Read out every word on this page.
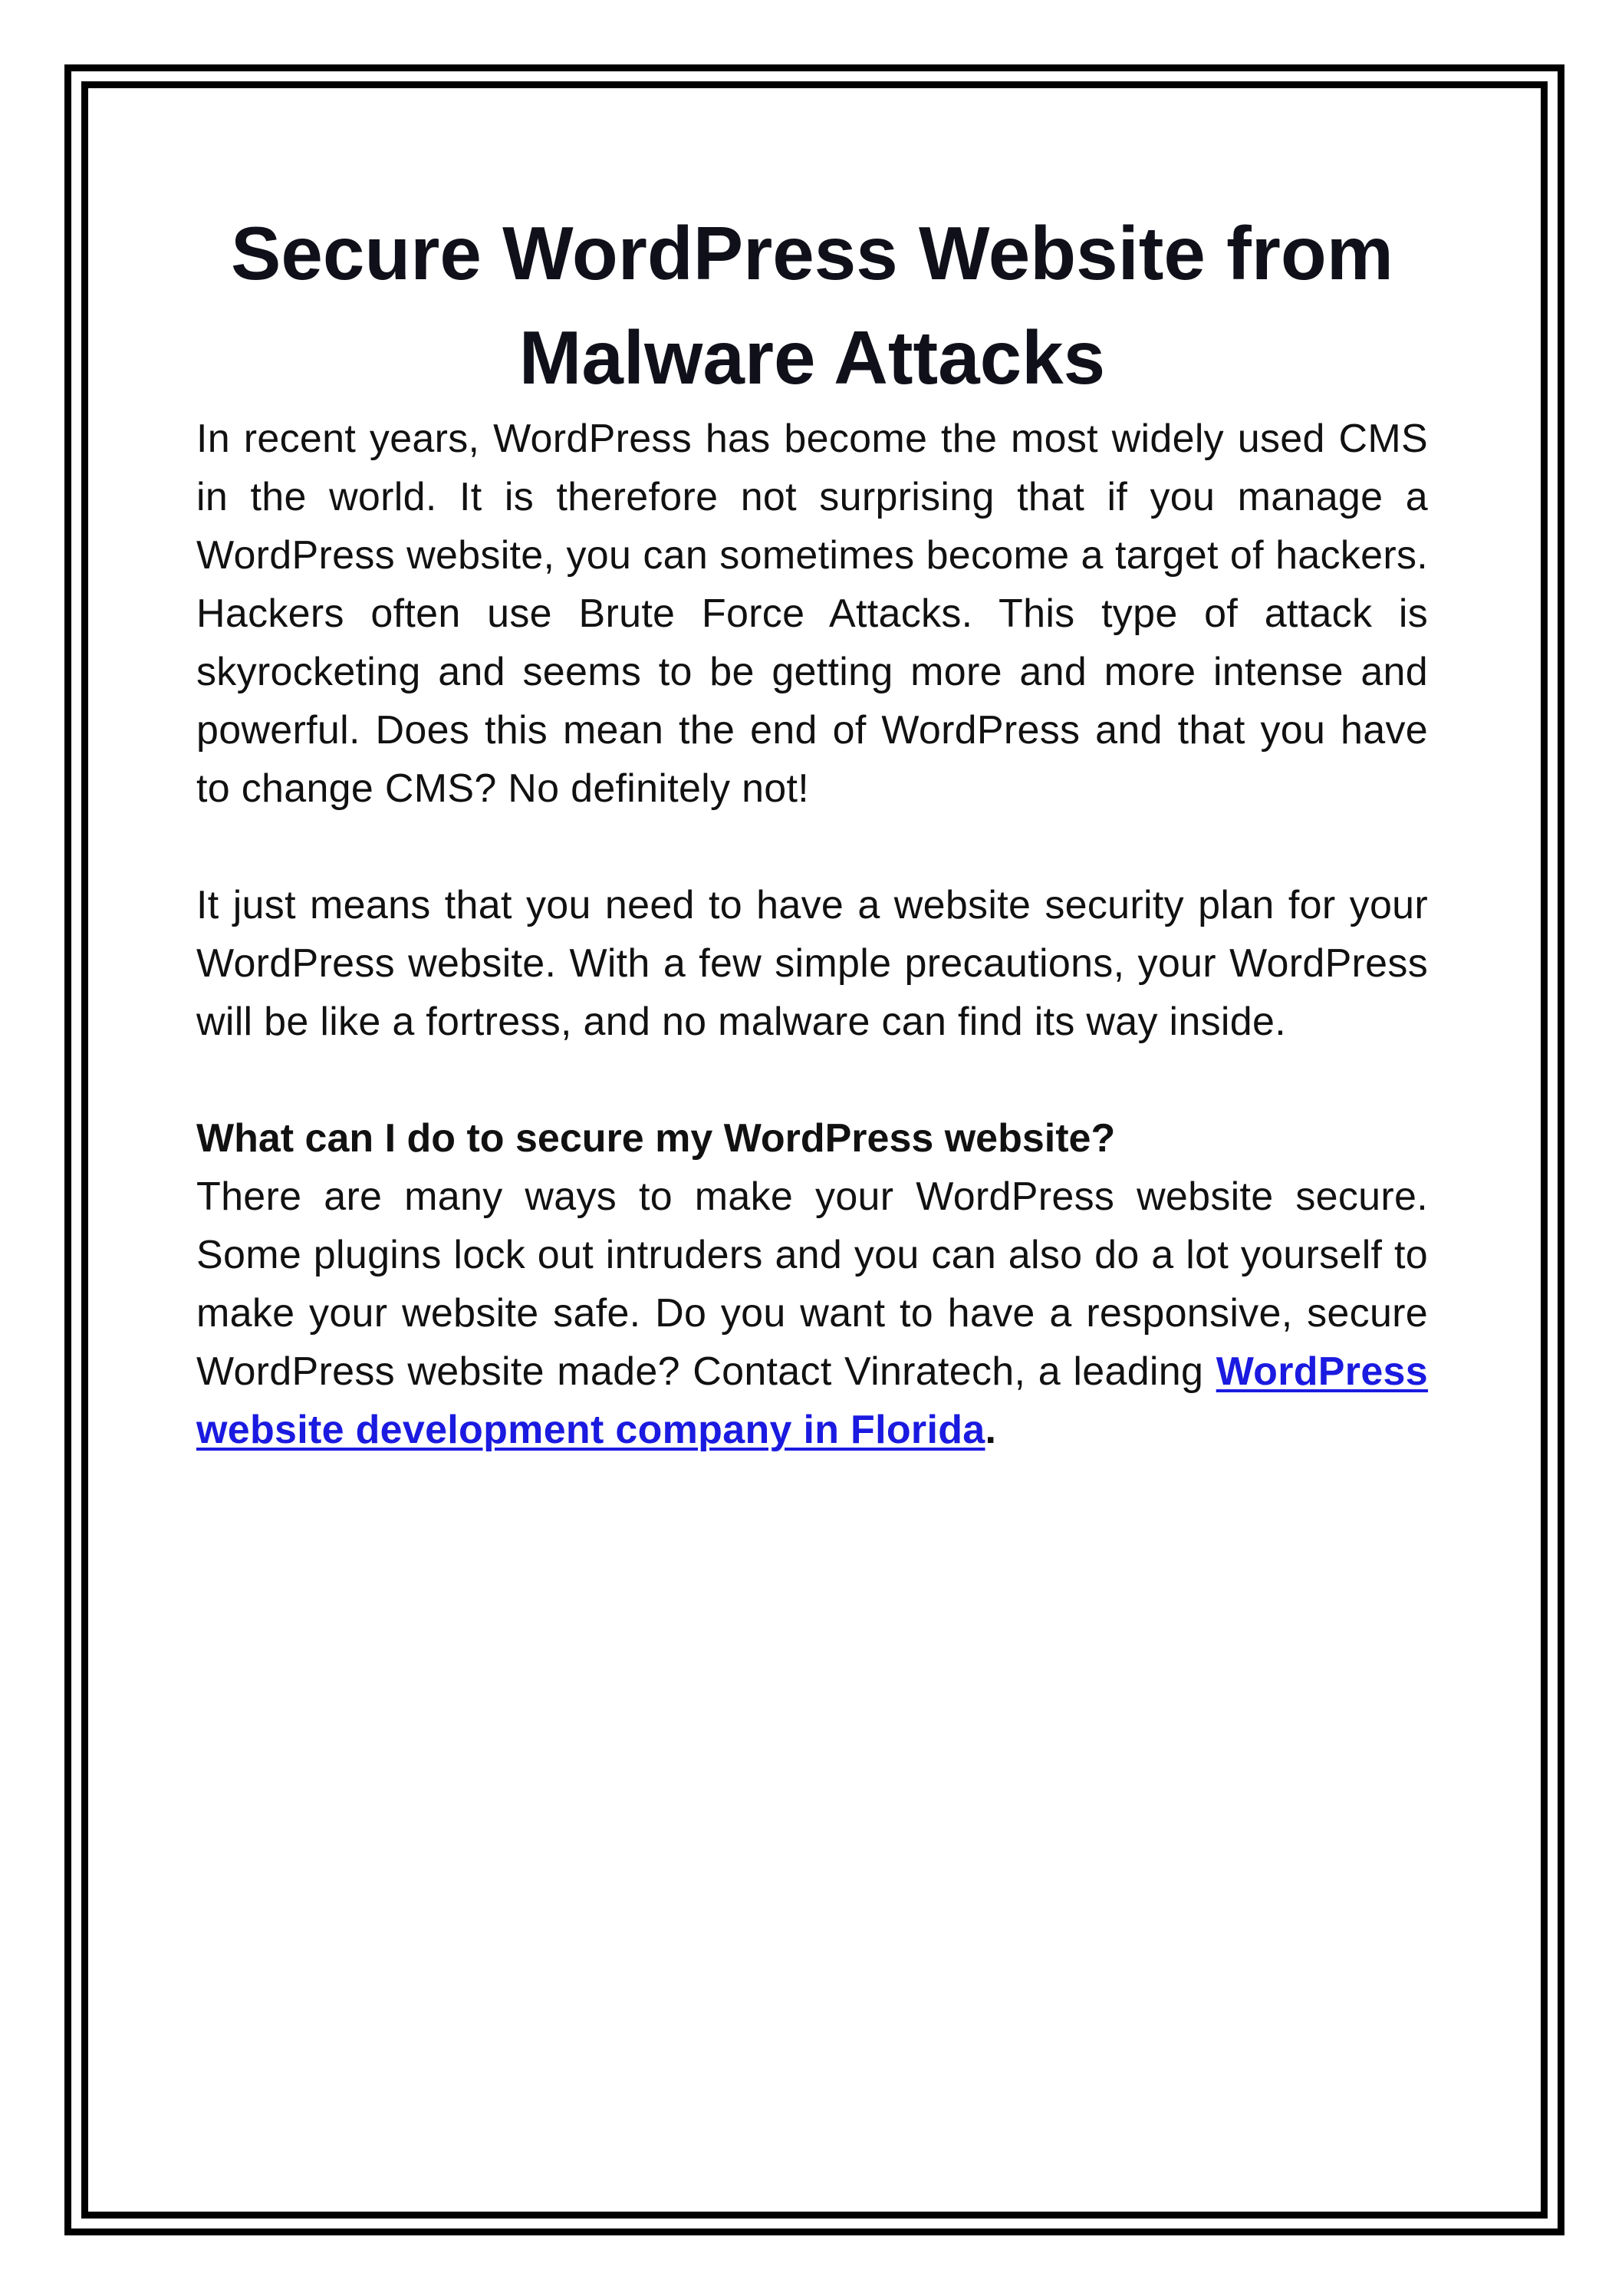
Secure WordPress Website from Malware Attacks

In recent years, WordPress has become the most widely used CMS in the world. It is therefore not surprising that if you manage a WordPress website, you can sometimes become a target of hackers. Hackers often use Brute Force Attacks. This type of attack is skyrocketing and seems to be getting more and more intense and powerful. Does this mean the end of WordPress and that you have to change CMS? No definitely not!

It just means that you need to have a website security plan for your WordPress website. With a few simple precautions, your WordPress will be like a fortress, and no malware can find its way inside.

What can I do to secure my WordPress website?

There are many ways to make your WordPress website secure. Some plugins lock out intruders and you can also do a lot yourself to make your website safe. Do you want to have a responsive, secure WordPress website made? Contact Vinratech, a leading WordPress website development company in Florida.
